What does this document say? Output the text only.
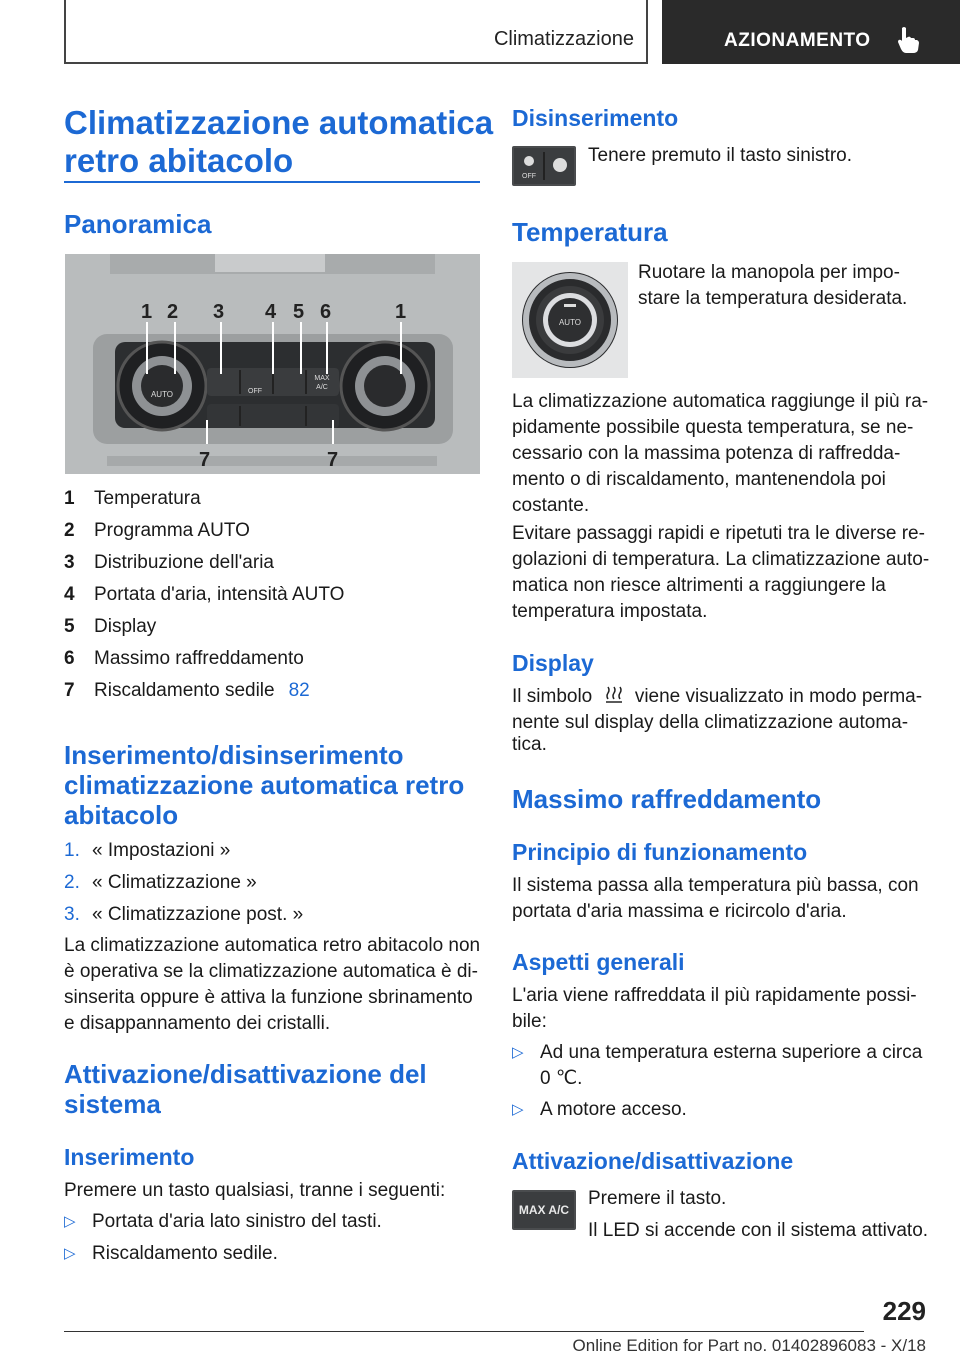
Climatizzazione	AZIONAMENTO
Climatizzazione automatica
retro abitacolo
Panoramica
AUTO	OFF
MAX
A/C
1 2 3 4 5 6	1
7	7
1	Temperatura
2	Programma AUTO
3	Distribuzione dell'aria
4	Portata d'aria, intensità AUTO
5	Display
6	Massimo raffreddamento
7	Riscaldamento sedile 82
Inserimento/disinserimento
climatizzazione automatica retro
abitacolo
1. « Impostazioni »
2. « Climatizzazione »
3. « Climatizzazione post. »
La climatizzazione automatica retro abitacolo non
è operativa se la climatizzazione automatica è di-
sinserita oppure è attiva la funzione sbrinamento
e disappannamento dei cristalli.
Attivazione/disattivazione del
sistema
Inserimento
Premere un tasto qualsiasi, tranne i seguenti:
▷ Portata d'aria lato sinistro del tasti.
▷ Riscaldamento sedile.
Disinserimento
OFF
Tenere premuto il tasto sinistro.
Temperatura
AUTO
Ruotare la manopola per impo-
stare la temperatura desiderata.
La climatizzazione automatica raggiunge il più ra-
pidamente possibile questa temperatura, se ne-
cessario con la massima potenza di raffredda-
mento o di riscaldamento, mantenendola poi
costante.
Evitare passaggi rapidi e ripetuti tra le diverse re-
golazioni di temperatura. La climatizzazione auto-
matica non riesce altrimenti a raggiungere la
temperatura impostata.
Display
Il simbolo viene visualizzato in modo perma-
nente sul display della climatizzazione automa-
tica.
Massimo raffreddamento
Principio di funzionamento
Il sistema passa alla temperatura più bassa, con
portata d'aria massima e ricircolo d'aria.
Aspetti generali
L'aria viene raffreddata il più rapidamente possi-
bile:
▷ Ad una temperatura esterna superiore a circa
0 ℃.
▷ A motore acceso.
Attivazione/disattivazione
MAX A/C
Premere il tasto.
Il LED si accende con il sistema attivato.
229
Online Edition for Part no. 01402896083 - X/18
